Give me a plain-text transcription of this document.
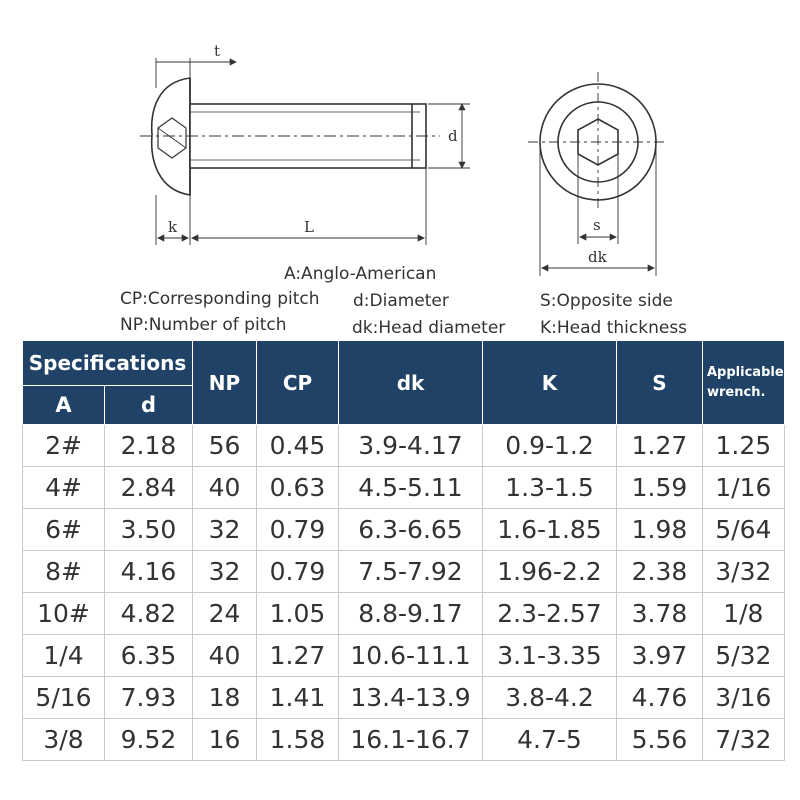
t
d
k	L	s
dk
A:Anglo-American
CP:Corresponding pitch
NP:Number of pitch
d:Diameter
dk:Head diameter
S:Opposite side
K:Head thickness
Specifications		NP	CP	dk	K	S	Applicable wrench.
A	d						
2#	2.18	56	0.45	3.9-4.17	0.9-1.2	1.27	1.25
4#	2.84	40	0.63	4.5-5.11	1.3-1.5	1.59	1/16
6#	3.50	32	0.79	6.3-6.65	1.6-1.85	1.98	5/64
8#	4.16	32	0.79	7.5-7.92	1.96-2.2	2.38	3/32
10#	4.82	24	1.05	8.8-9.17	2.3-2.57	3.78	1/8
1/4	6.35	40	1.27	10.6-11.1	3.1-3.35	3.97	5/32
5/16	7.93	18	1.41	13.4-13.9	3.8-4.2	4.76	3/16
3/8	9.52	16	1.58	16.1-16.7	4.7-5	5.56	7/32
